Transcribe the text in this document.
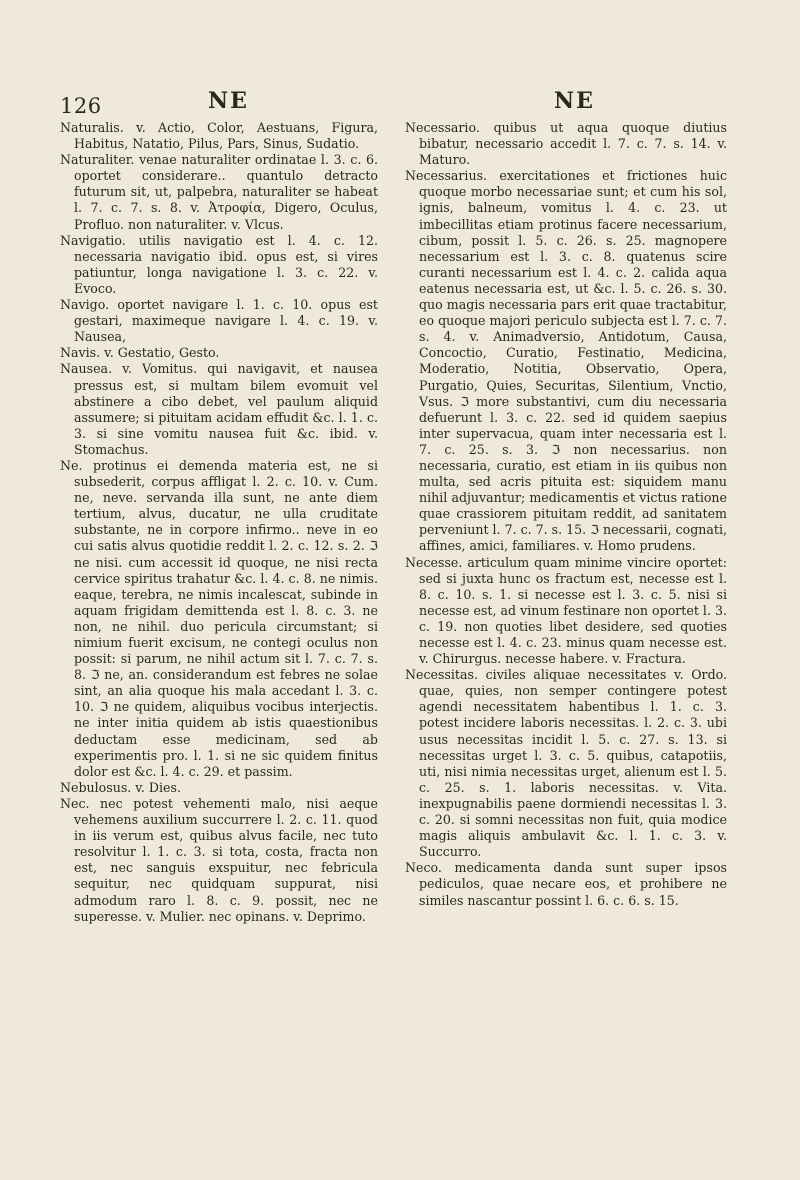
126	NE	NE

Naturalis. v. Actio, Color, Aestuans, Figura, Habitus, Natatio, Pilus, Pars, Sinus, Sudatio.

Naturaliter. venae naturaliter ordinatae l. 3. c. 6. oportet considerare.. quantulo detracto futurum sit, ut, palpebra, naturaliter se habeat l. 7. c. 7. s. 8. v. Ἀτροφία, Digero, Oculus, Profluo. non naturaliter. v. Vlcus.

Navigatio. utilis navigatio est l. 4. c. 12. necessaria navigatio ibid. opus est, si vires patiuntur, longa navigatione l. 3. c. 22. v. Evoco.

Navigo. oportet navigare l. 1. c. 10. opus est gestari, maximeque navigare l. 4. c. 19. v. Nausea,

Navis. v. Gestatio, Gesto.

Nausea. v. Vomitus. qui navigavit, et nausea pressus est, si multam bilem evomuit vel abstinere a cibo debet, vel paulum aliquid assumere; si pituitam acidam effudit &c. l. 1. c. 3. si sine vomitu nausea fuit &c. ibid. v. Stomachus.

Ne. protinus ei demenda materia est, ne si subsederit, corpus affligat l. 2. c. 10. v. Cum. ne, neve. servanda illa sunt, ne ante diem tertium, alvus, ducatur, ne ulla cruditate substante, ne in corpore infirmo.. neve in eo cui satis alvus quotidie reddit l. 2. c. 12. s. 2. ℑ ne nisi. cum accessit id quoque, ne nisi recta cervice spiritus trahatur &c. l. 4. c. 8. ne nimis. eaque, terebra, ne nimis incalescat, subinde in aquam frigidam demittenda est l. 8. c. 3. ne non, ne nihil. duo pericula circumstant; si nimium fuerit excisum, ne contegi oculus non possit: si parum, ne nihil actum sit l. 7. c. 7. s. 8. ℑ ne, an. considerandum est febres ne solae sint, an alia quoque his mala accedant l. 3. c. 10. ℑ ne quidem, aliquibus vocibus interjectis. ne inter initia quidem ab istis quaestionibus deductam esse medicinam, sed ab experimentis pro. l. 1. si ne sic quidem finitus dolor est &c. l. 4. c. 29. et passim.

Nebulosus. v. Dies.

Nec. nec potest vehementi malo, nisi aeque vehemens auxilium succurrere l. 2. c. 11. quod in iis verum est, quibus alvus facile, nec tuto resolvitur l. 1. c. 3. si tota, costa, fracta non est, nec sanguis exspuitur, nec febricula sequitur, nec quidquam suppurat, nisi admodum raro l. 8. c. 9. possit, nec ne superesse. v. Mulier. nec opinans. v. Deprimo.

Necessario. quibus ut aqua quoque diutius bibatur, necessario accedit l. 7. c. 7. s. 14. v. Maturo.

Necessarius. exercitationes et frictiones huic quoque morbo necessariae sunt; et cum his sol, ignis, balneum, vomitus l. 4. c. 23. ut imbecillitas etiam protinus facere necessarium, cibum, possit l. 5. c. 26. s. 25. magnopere necessarium est l. 3. c. 8. quatenus scire curanti necessarium est l. 4. c. 2. calida aqua eatenus necessaria est, ut &c. l. 5. c. 26. s. 30. quo magis necessaria pars erit quae tractabitur, eo quoque majori periculo subjecta est l. 7. c. 7. s. 4. v. Animadversio, Antidotum, Causa, Concoctio, Curatio, Festinatio, Medicina, Moderatio, Notitia, Observatio, Opera, Purgatio, Quies, Securitas, Silentium, Vnctio, Vsus. ℑ more substantivi, cum diu necessaria defuerunt l. 3. c. 22. sed id quidem saepius inter supervacua, quam inter necessaria est l. 7. c. 25. s. 3. ℑ non necessarius. non necessaria, curatio, est etiam in iis quibus non multa, sed acris pituita est: siquidem manu nihil adjuvantur; medicamentis et victus ratione quae crassiorem pituitam reddit, ad sanitatem perveniunt l. 7. c. 7. s. 15. ℑ necessarii, cognati, affines, amici, familiares. v. Homo prudens.

Necesse. articulum quam minime vincire oportet: sed si juxta hunc os fractum est, necesse est l. 8. c. 10. s. 1. si necesse est l. 3. c. 5. nisi si necesse est, ad vinum festinare non oportet l. 3. c. 19. non quoties libet desidere, sed quoties necesse est l. 4. c. 23. minus quam necesse est. v. Chirurgus. necesse habere. v. Fractura.

Necessitas. civiles aliquae necessitates v. Ordo. quae, quies, non semper contingere potest agendi necessitatem habentibus l. 1. c. 3. potest incidere laboris necessitas. l. 2. c. 3. ubi usus necessitas incidit l. 5. c. 27. s. 13. si necessitas urget l. 3. c. 5. quibus, catapotiis, uti, nisi nimia necessitas urget, alienum est l. 5. c. 25. s. 1. laboris necessitas. v. Vita. inexpugnabilis paene dormiendi necessitas l. 3. c. 20. si somni necessitas non fuit, quia modice magis aliquis ambulavit &c. l. 1. c. 3. v. Succurro.

Neco. medicamenta danda sunt super ipsos pediculos, quae necare eos, et prohibere ne similes nascantur possint l. 6. c. 6. s. 15.
